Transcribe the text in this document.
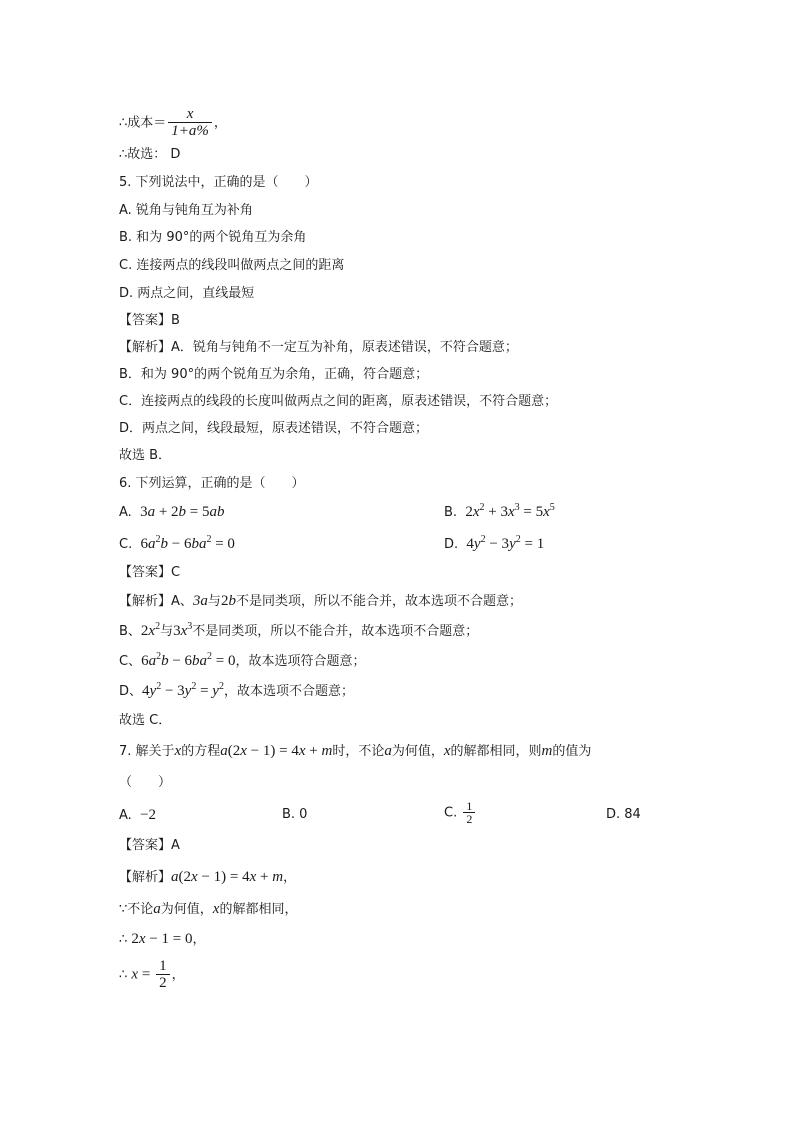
∴成本＝ $\frac{x}{1+a\%}$ ，
∴故选： D
5. 下列说法中，正确的是（　　）
A. 锐角与钝角互为补角
B. 和为 90°的两个锐角互为余角
C. 连接两点的线段叫做两点之间的距离
D. 两点之间，直线最短
【答案】B
【解析】A．锐角与钝角不一定互为补角，原表述错误，不符合题意；
B．和为 90°的两个锐角互为余角，正确，符合题意；
C．连接两点的线段的长度叫做两点之间的距离，原表述错误，不符合题意；
D．两点之间，线段最短，原表述错误，不符合题意；
故选 B．
6. 下列运算，正确的是（　　）
A. 3a + 2b = 5ab	B. $2x^2 + 3x^3 = 5x^5$
C. $6a^2b - 6ba^2 = 0$	D. $4y^2 - 3y^2 = 1$
【答案】C
【解析】A、3a与2b不是同类项，所以不能合并，故本选项不合题意；
B、$2x^2$与$3x^3$不是同类项，所以不能合并，故本选项不合题意；
C、$6a^2b - 6ba^2 = 0$，故本选项符合题意；
D、$4y^2 - 3y^2 = y^2$，故本选项不合题意；
故选 C．
7. 解关于x的方程a(2x − 1) = 4x + m时，不论a为何值，x的解都相同，则m的值为
（　　）
A. −2	B. 0	C. $\frac{1}{2}$	D. 84
【答案】A
【解析】a(2x − 1) = 4x + m，
∵不论a为何值，x的解都相同，
∴ 2x − 1 = 0，
∴ $x = \frac{1}{2}$ ，
